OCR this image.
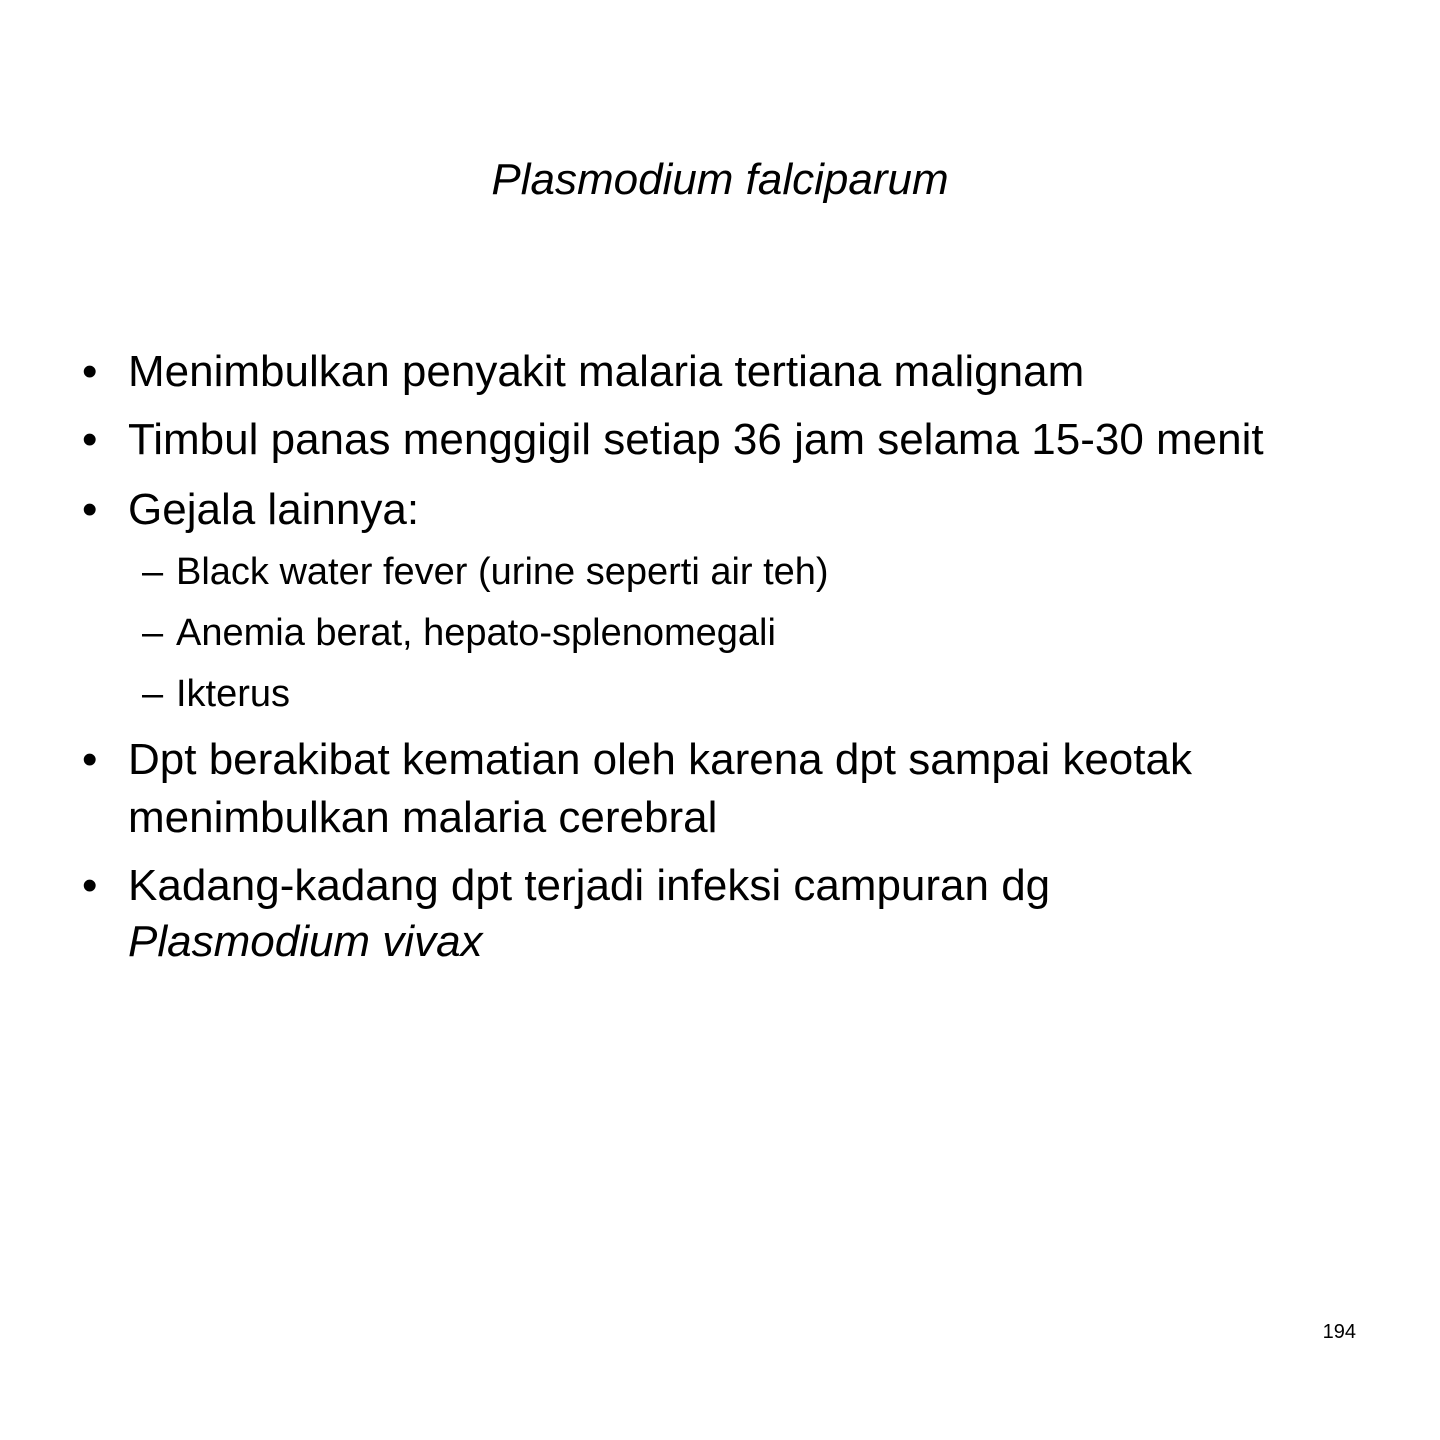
Plasmodium falciparum
• Menimbulkan penyakit malaria tertiana malignam
• Timbul panas menggigil setiap 36 jam selama 15-30 menit
• Gejala lainnya:
– Black water fever (urine seperti air teh)
– Anemia berat, hepato-splenomegali
– Ikterus
• Dpt berakibat kematian oleh karena dpt sampai keotak
menimbulkan malaria cerebral
• Kadang-kadang dpt terjadi infeksi campuran dg
Plasmodium vivax
194
